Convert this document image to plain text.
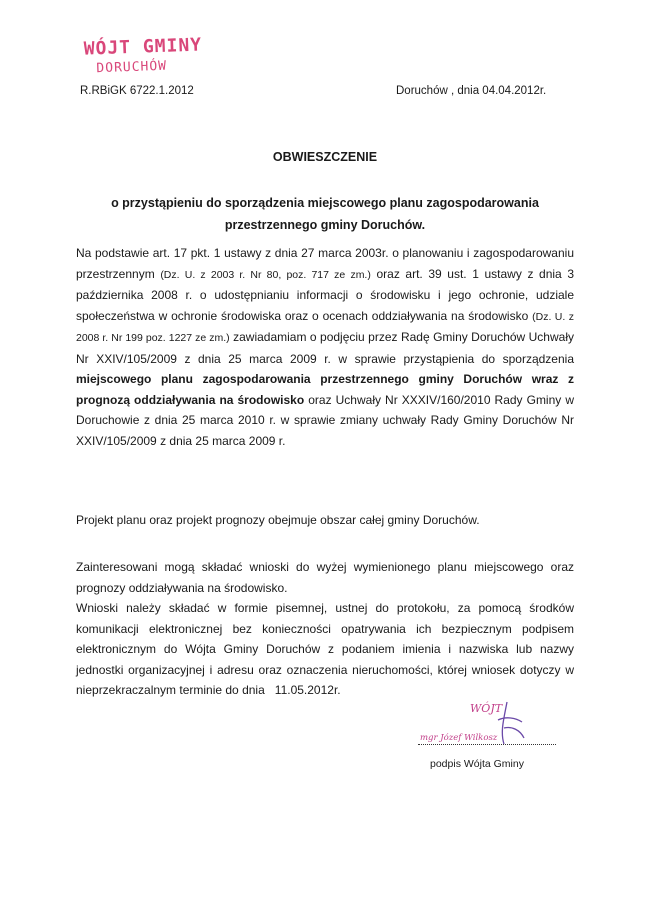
WÓJT GMINY
DORUCHÓW
R.RBiGK 6722.1.2012	Doruchów , dnia 04.04.2012r.
OBWIESZCZENIE
o przystąpieniu do sporządzenia miejscowego planu zagospodarowania
przestrzennego gminy Doruchów.
Na podstawie art. 17 pkt. 1 ustawy z dnia 27 marca 2003r. o planowaniu i zagospodarowaniu przestrzennym (Dz. U. z 2003 r. Nr 80, poz. 717 ze zm.) oraz art. 39 ust. 1 ustawy z dnia 3 października 2008 r. o udostępnianiu informacji o środowisku i jego ochronie, udziale społeczeństwa w ochronie środowiska oraz o ocenach oddziaływania na środowisko (Dz. U. z 2008 r. Nr 199 poz. 1227 ze zm.) zawiadamiam o podjęciu przez Radę Gminy Doruchów Uchwały Nr XXIV/105/2009 z dnia 25 marca 2009 r. w sprawie przystąpienia do sporządzenia miejscowego planu zagospodarowania przestrzennego gminy Doruchów wraz z prognozą oddziaływania na środowisko oraz Uchwały Nr XXXIV/160/2010 Rady Gminy w Doruchowie z dnia 25 marca 2010 r. w sprawie zmiany uchwały Rady Gminy Doruchów Nr XXIV/105/2009 z dnia 25 marca 2009 r.
Projekt planu oraz projekt prognozy obejmuje obszar całej gminy Doruchów.
Zainteresowani mogą składać wnioski do wyżej wymienionego planu miejscowego oraz prognozy oddziaływania na środowisko.
Wnioski należy składać w formie pisemnej, ustnej do protokołu, za pomocą środków komunikacji elektronicznej bez konieczności opatrywania ich bezpiecznym podpisem elektronicznym do Wójta Gminy Doruchów z podaniem imienia i nazwiska lub nazwy jednostki organizacyjnej i adresu oraz oznaczenia nieruchomości, której wniosek dotyczy w nieprzekraczalnym terminie do dnia 11.05.2012r.
WÓJT
mgr Józef Wilkosz
podpis Wójta Gminy
